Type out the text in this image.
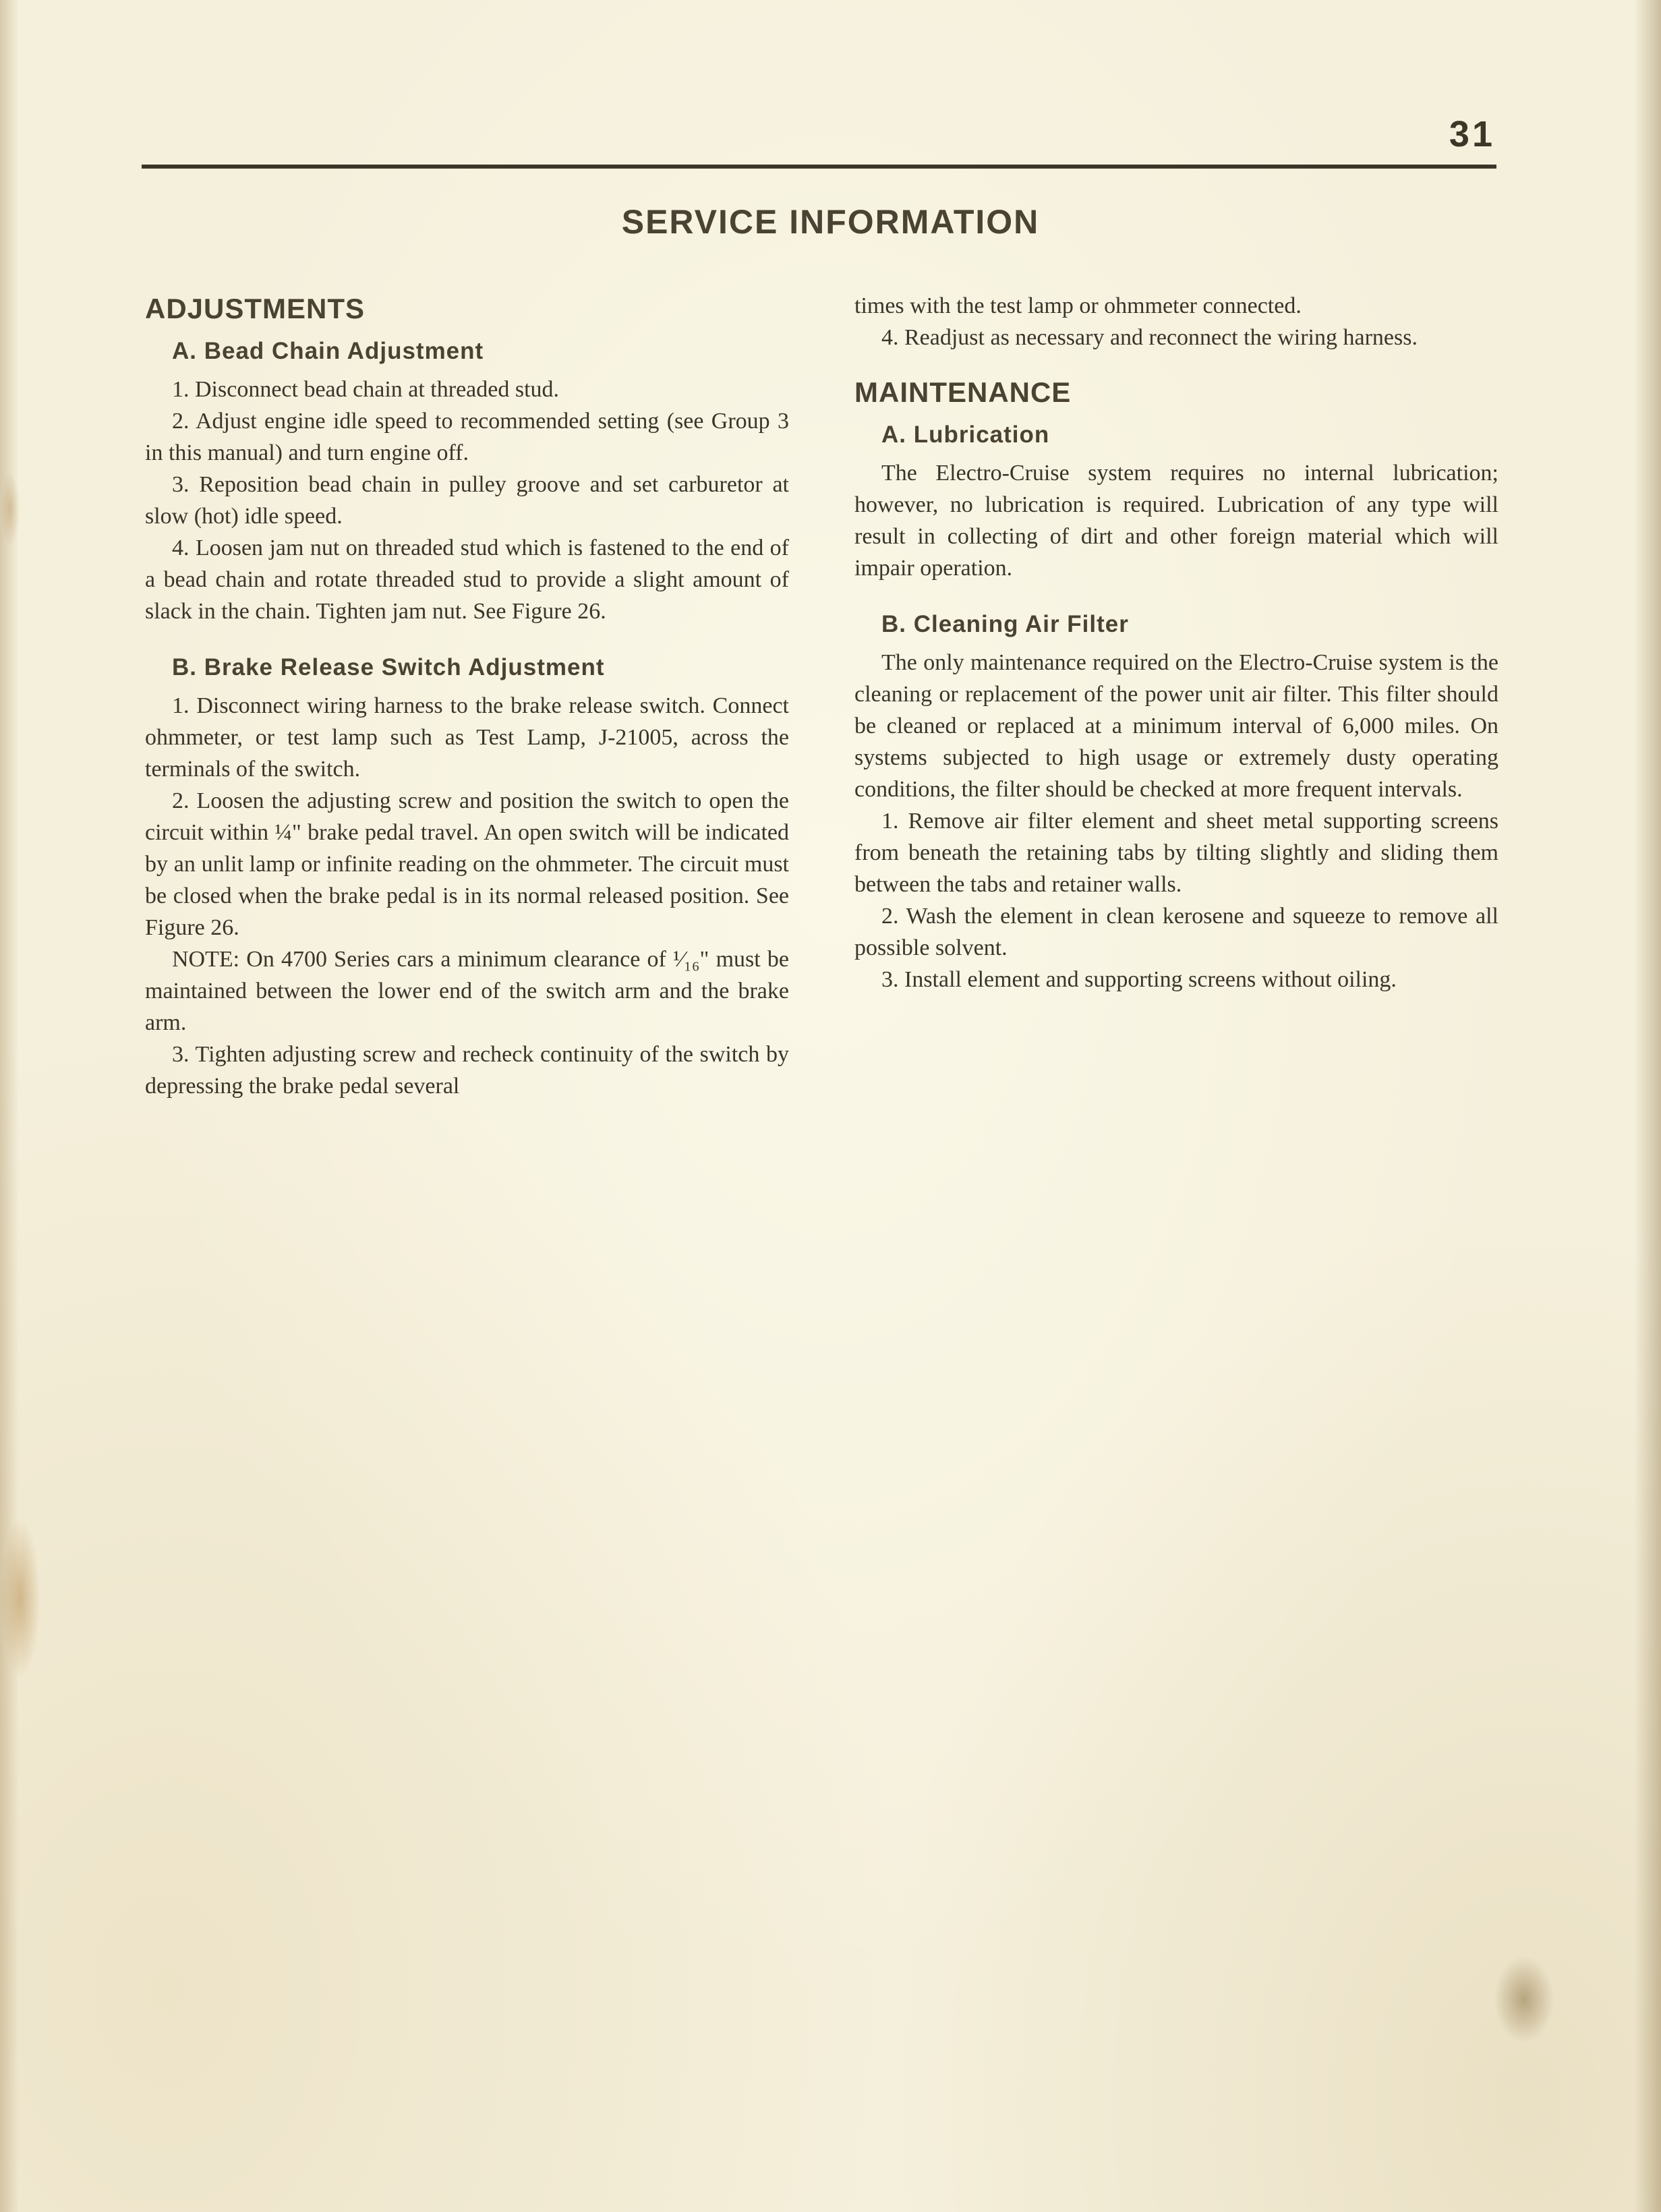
31
SERVICE INFORMATION
ADJUSTMENTS
A. Bead Chain Adjustment

1. Disconnect bead chain at threaded stud.

2. Adjust engine idle speed to recommended setting (see Group 3 in this manual) and turn engine off.

3. Reposition bead chain in pulley groove and set carburetor at slow (hot) idle speed.

4. Loosen jam nut on threaded stud which is fastened to the end of a bead chain and rotate threaded stud to provide a slight amount of slack in the chain. Tighten jam nut. See Figure 26.

B. Brake Release Switch Adjustment

1. Disconnect wiring harness to the brake release switch. Connect ohmmeter, or test lamp such as Test Lamp, J-21005, across the terminals of the switch.

2. Loosen the adjusting screw and position the switch to open the circuit within ¼" brake pedal travel. An open switch will be indicated by an unlit lamp or infinite reading on the ohmmeter. The circuit must be closed when the brake pedal is in its normal released position. See Figure 26.

NOTE: On 4700 Series cars a minimum clearance of ¹⁄₁₆" must be maintained between the lower end of the switch arm and the brake arm.

3. Tighten adjusting screw and recheck continuity of the switch by depressing the brake pedal several

times with the test lamp or ohmmeter connected.

4. Readjust as necessary and reconnect the wiring harness.

MAINTENANCE
A. Lubrication

The Electro-Cruise system requires no internal lubrication; however, no lubrication is required. Lubrication of any type will result in collecting of dirt and other foreign material which will impair operation.

B. Cleaning Air Filter

The only maintenance required on the Electro-Cruise system is the cleaning or replacement of the power unit air filter. This filter should be cleaned or replaced at a minimum interval of 6,000 miles. On systems subjected to high usage or extremely dusty operating conditions, the filter should be checked at more frequent intervals.

1. Remove air filter element and sheet metal supporting screens from beneath the retaining tabs by tilting slightly and sliding them between the tabs and retainer walls.

2. Wash the element in clean kerosene and squeeze to remove all possible solvent.

3. Install element and supporting screens without oiling.
